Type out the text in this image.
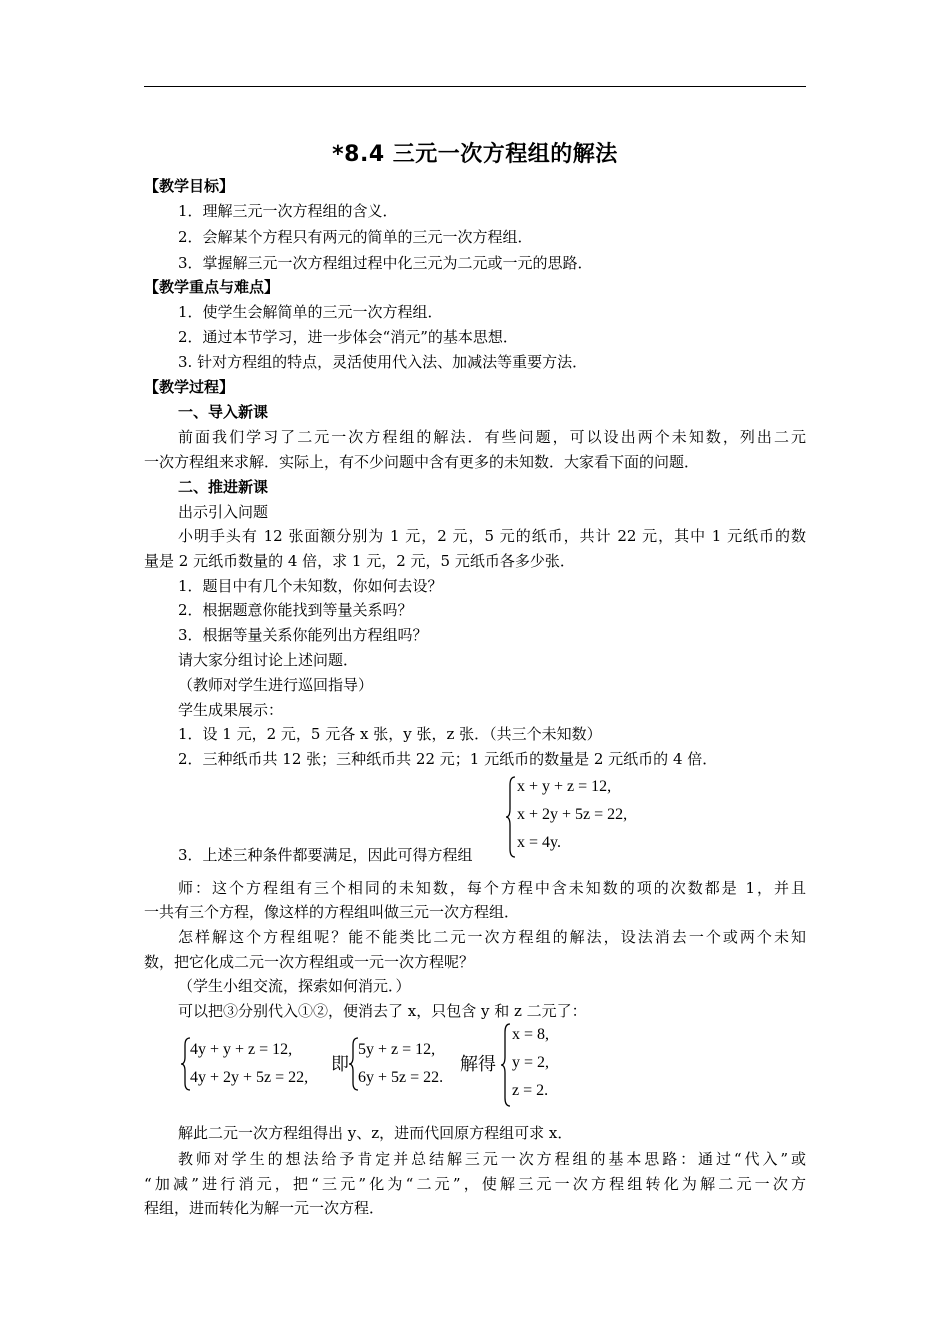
*8.4 三元一次方程组的解法
【教学目标】
1．理解三元一次方程组的含义．
2．会解某个方程只有两元的简单的三元一次方程组．
3．掌握解三元一次方程组过程中化三元为二元或一元的思路．
【教学重点与难点】
1．使学生会解简单的三元一次方程组．
2．通过本节学习，进一步体会“消元”的基本思想．
3. 针对方程组的特点，灵活使用代入法、加减法等重要方法．
【教学过程】
一、导入新课
前面我们学习了二元一次方程组的解法．有些问题，可以设出两个未知数，列出二元
一次方程组来求解．实际上，有不少问题中含有更多的未知数．大家看下面的问题．
二、推进新课
出示引入问题
小明手头有 12 张面额分别为 1 元，2 元，5 元的纸币，共计 22 元，其中 1 元纸币的数
量是 2 元纸币数量的 4 倍，求 1 元，2 元，5 元纸币各多少张．
1．题目中有几个未知数，你如何去设？
2．根据题意你能找到等量关系吗？
3．根据等量关系你能列出方程组吗？
请大家分组讨论上述问题．
（教师对学生进行巡回指导）
学生成果展示：
1．设 1 元，2 元，5 元各 x 张，y 张，z 张．（共三个未知数）
2．三种纸币共 12 张；三种纸币共 22 元；1 元纸币的数量是 2 元纸币的 4 倍．
3．上述三种条件都要满足，因此可得方程组
x + y + z = 12,
x + 2y + 5z = 22,
x = 4y.
师：这个方程组有三个相同的未知数，每个方程中含未知数的项的次数都是 1，并且
一共有三个方程，像这样的方程组叫做三元一次方程组．
怎样解这个方程组呢？能不能类比二元一次方程组的解法，设法消去一个或两个未知
数，把它化成二元一次方程组或一元一次方程呢？
（学生小组交流，探索如何消元．）
可以把③分别代入①②，便消去了 x，只包含 y 和 z 二元了：
4y + y + z = 12,
4y + 2y + 5z = 22,
即
5y + z = 12,
6y + 5z = 22.
解得
x = 8,
y = 2,
z = 2.
解此二元一次方程组得出 y、z，进而代回原方程组可求 x．
教师对学生的想法给予肯定并总结解三元一次方程组的基本思路：通过“代入”或
“加减”进行消元，把“三元”化为“二元”，使解三元一次方程组转化为解二元一次方
程组，进而转化为解一元一次方程．
